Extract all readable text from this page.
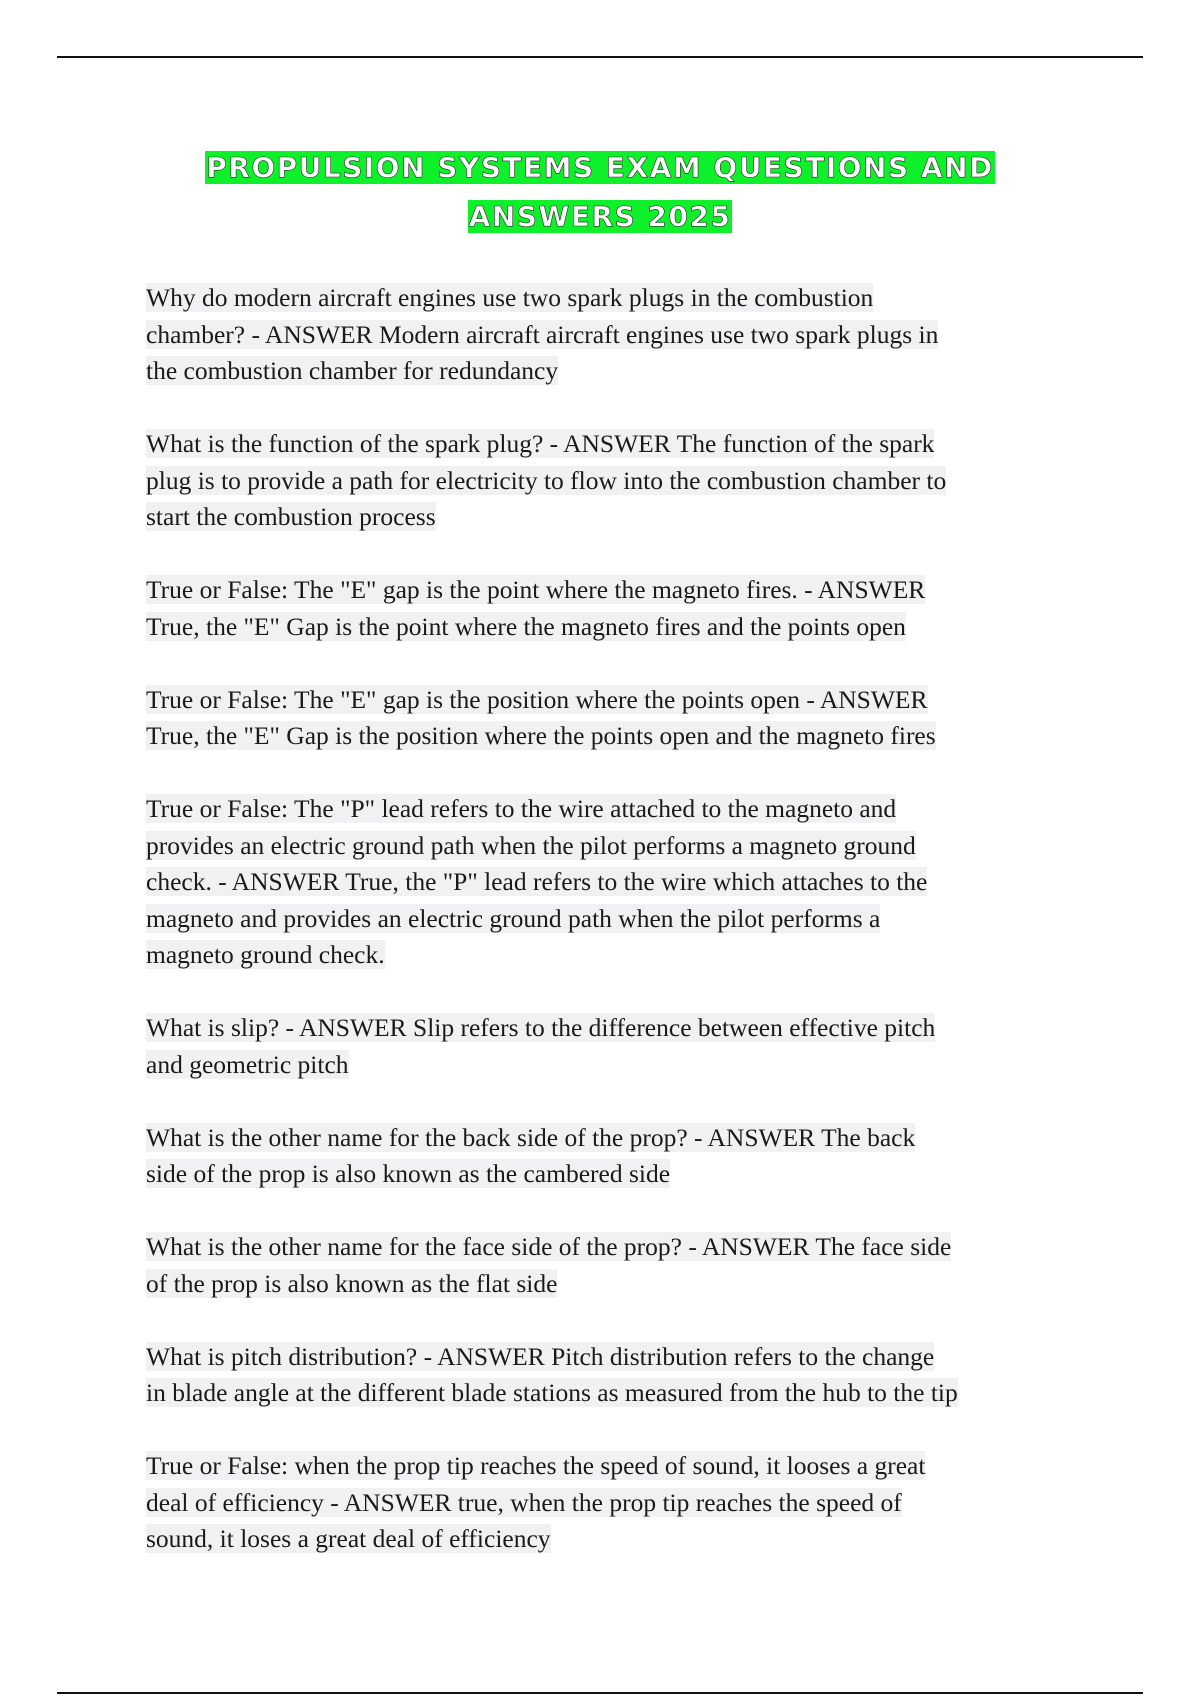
PROPULSION SYSTEMS EXAM QUESTIONS AND
ANSWERS 2025
Why do modern aircraft engines use two spark plugs in the combustion
chamber? - ANSWER Modern aircraft aircraft engines use two spark plugs in
the combustion chamber for redundancy
What is the function of the spark plug? - ANSWER The function of the spark
plug is to provide a path for electricity to flow into the combustion chamber to
start the combustion process
True or False: The "E" gap is the point where the magneto fires. - ANSWER
True, the "E" Gap is the point where the magneto fires and the points open
True or False: The "E" gap is the position where the points open - ANSWER
True, the "E" Gap is the position where the points open and the magneto fires
True or False: The "P" lead refers to the wire attached to the magneto and
provides an electric ground path when the pilot performs a magneto ground
check. - ANSWER True, the "P" lead refers to the wire which attaches to the
magneto and provides an electric ground path when the pilot performs a
magneto ground check.
What is slip? - ANSWER Slip refers to the difference between effective pitch
and geometric pitch
What is the other name for the back side of the prop? - ANSWER The back
side of the prop is also known as the cambered side
What is the other name for the face side of the prop? - ANSWER The face side
of the prop is also known as the flat side
What is pitch distribution? - ANSWER Pitch distribution refers to the change
in blade angle at the different blade stations as measured from the hub to the tip
True or False: when the prop tip reaches the speed of sound, it looses a great
deal of efficiency - ANSWER true, when the prop tip reaches the speed of
sound, it loses a great deal of efficiency
